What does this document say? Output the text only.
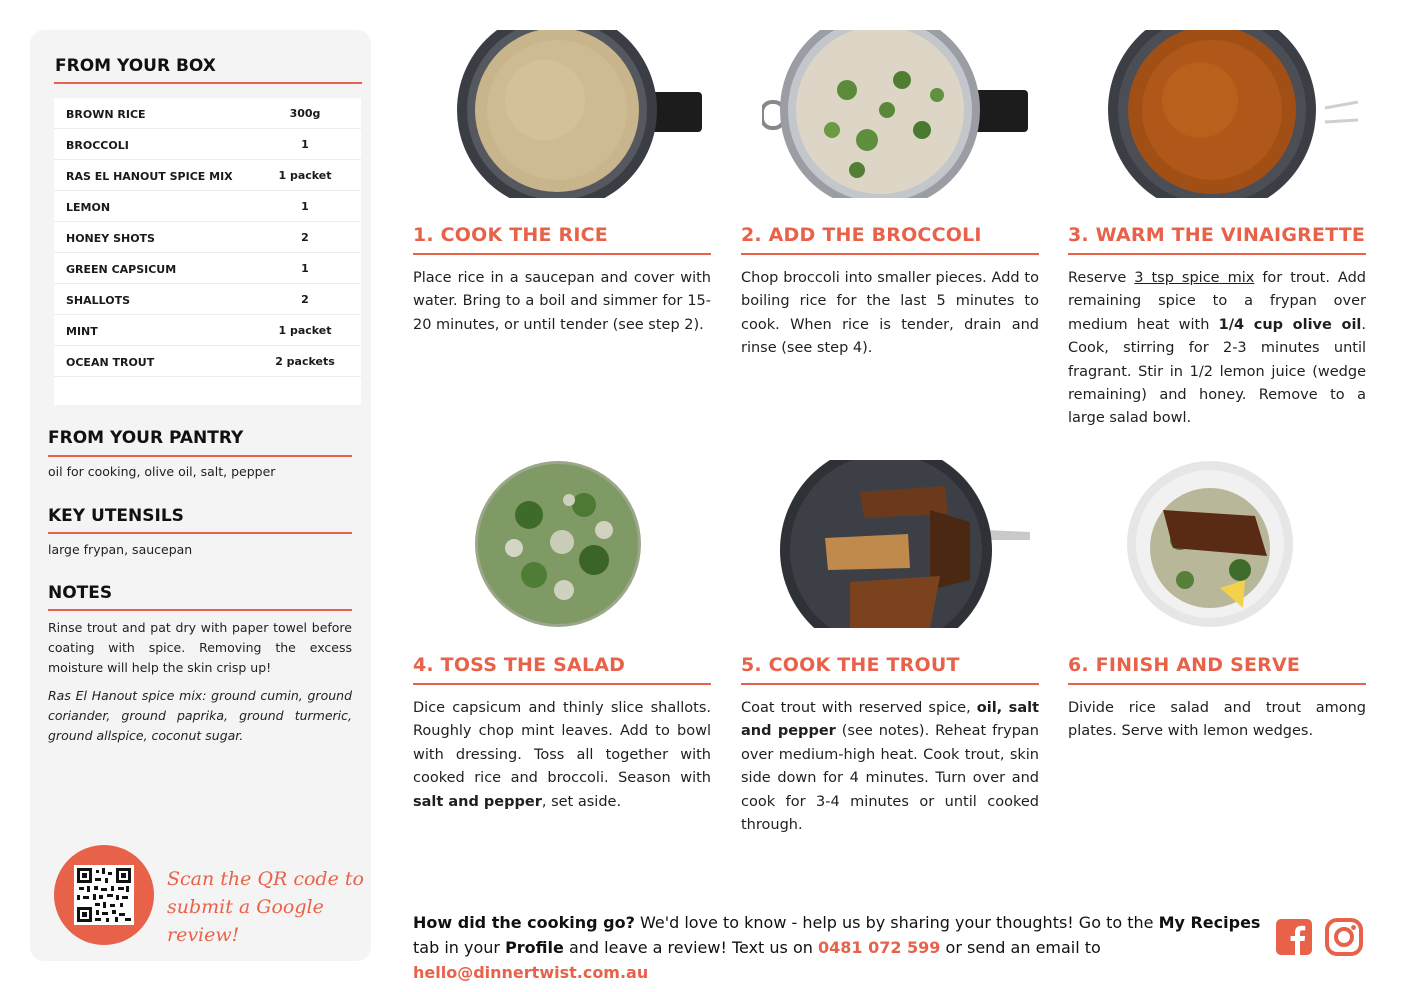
FROM YOUR BOX
BROWN RICE	300g
BROCCOLI	1
RAS EL HANOUT SPICE MIX	1 packet
LEMON	1
HONEY SHOTS	2
GREEN CAPSICUM	1
SHALLOTS	2
MINT	1 packet
OCEAN TROUT	2 packets
FROM YOUR PANTRY
oil for cooking, olive oil, salt, pepper
KEY UTENSILS
large frypan, saucepan
NOTES
Rinse trout and pat dry with paper towel before coating with spice. Removing the excess moisture will help the skin crisp up!
Ras El Hanout spice mix: ground cumin, ground coriander, ground paprika, ground turmeric, ground allspice, coconut sugar.
Scan the QR code to
submit a Google review!
1. COOK THE RICE
Place rice in a saucepan and cover with water. Bring to a boil and simmer for 15-20 minutes, or until tender (see step 2).
2. ADD THE BROCCOLI
Chop broccoli into smaller pieces. Add to boiling rice for the last 5 minutes to cook. When rice is tender, drain and rinse (see step 4).
3. WARM THE VINAIGRETTE
Reserve 3 tsp spice mix for trout. Add remaining spice to a frypan over medium heat with 1/4 cup olive oil. Cook, stirring for 2-3 minutes until fragrant. Stir in 1/2 lemon juice (wedge remaining) and honey. Remove to a large salad bowl.
4. TOSS THE SALAD
Dice capsicum and thinly slice shallots. Roughly chop mint leaves. Add to bowl with dressing. Toss all together with cooked rice and broccoli. Season with salt and pepper, set aside.
5. COOK THE TROUT
Coat trout with reserved spice, oil, salt and pepper (see notes). Reheat frypan over medium-high heat. Cook trout, skin side down for 4 minutes. Turn over and cook for 3-4 minutes or until cooked through.
6. FINISH AND SERVE
Divide rice salad and trout among plates. Serve with lemon wedges.
How did the cooking go? We'd love to know - help us by sharing your thoughts! Go to the My Recipes tab in your Profile and leave a review! Text us on 0481 072 599 or send an email to hello@dinnertwist.com.au
